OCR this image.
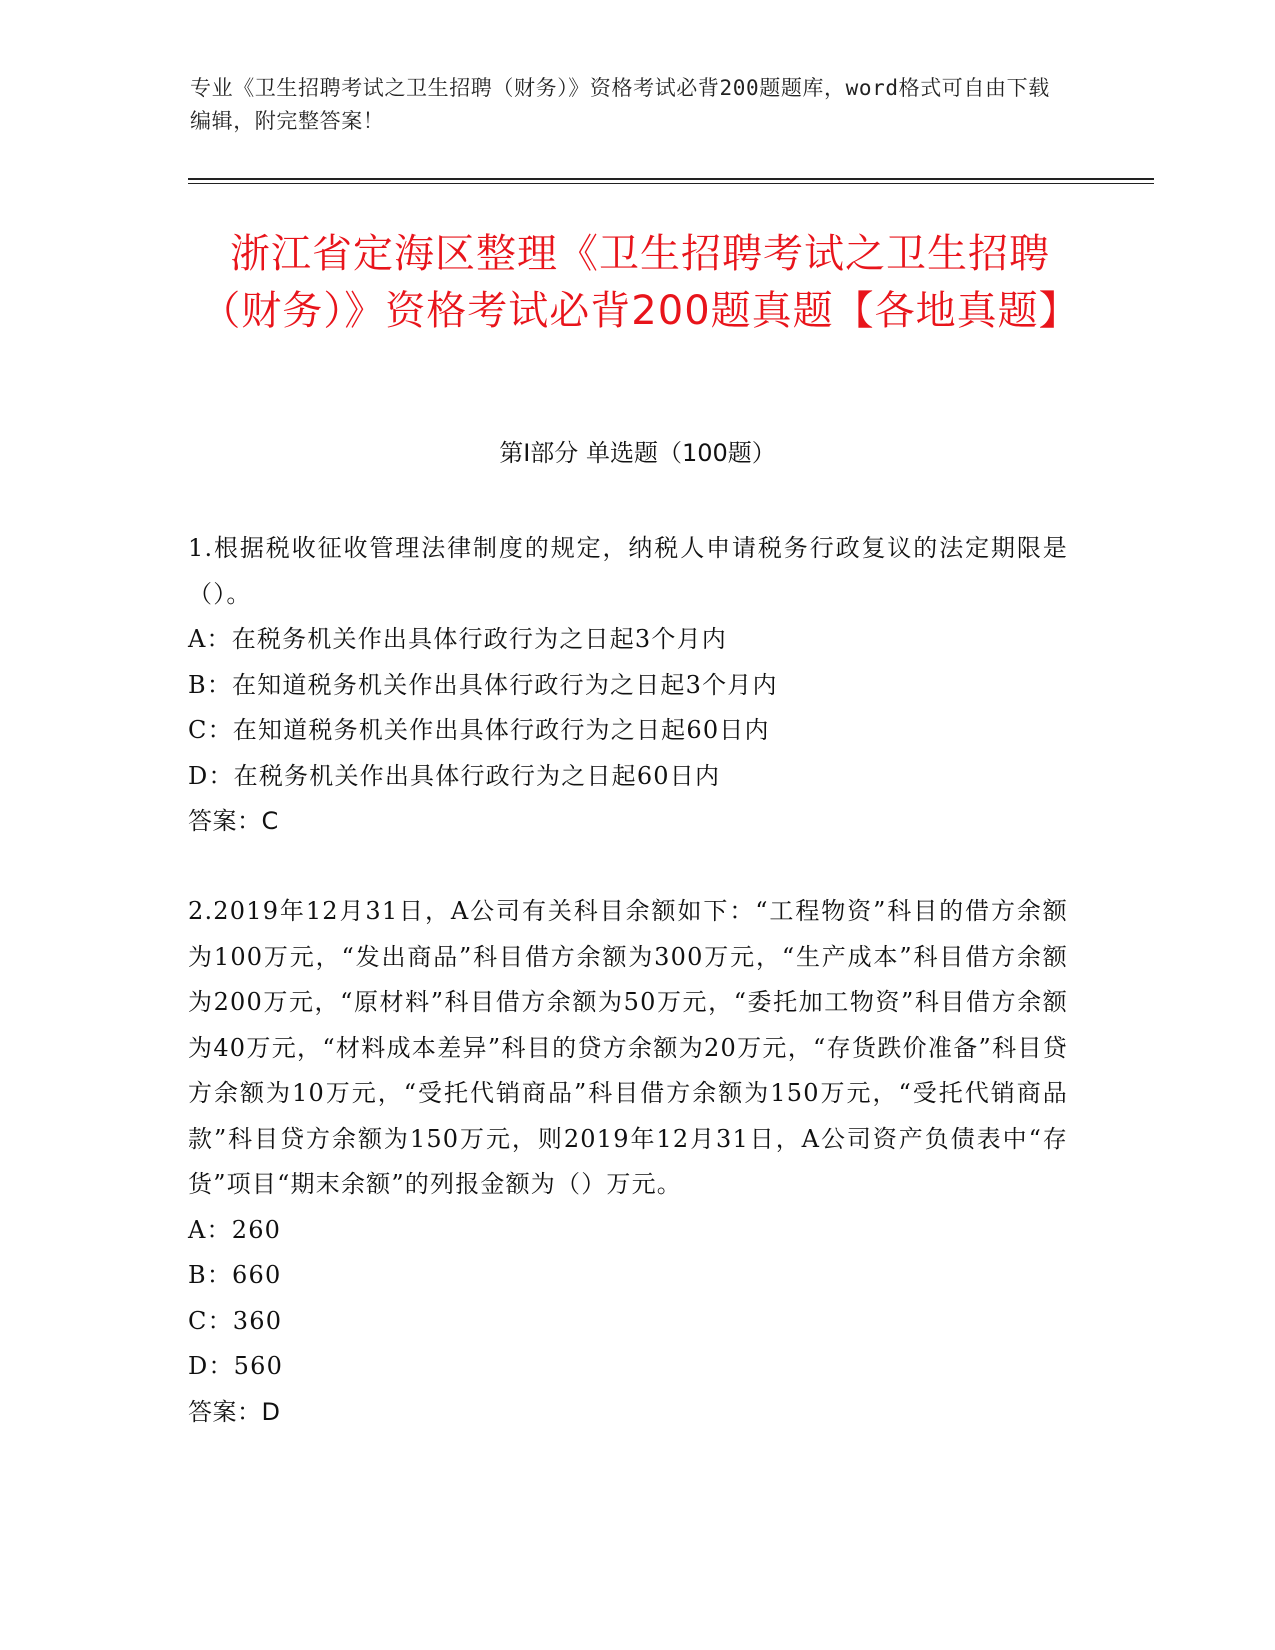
专业《卫生招聘考试之卫生招聘（财务）》资格考试必背200题题库，word格式可自由下载编辑，附完整答案！

浙江省定海区整理《卫生招聘考试之卫生招聘（财务）》资格考试必背200题真题【各地真题】
第I部分 单选题（100题）

1.根据税收征收管理法律制度的规定，纳税人申请税务行政复议的法定期限是（）。

A：在税务机关作出具体行政行为之日起3个月内

B：在知道税务机关作出具体行政行为之日起3个月内

C：在知道税务机关作出具体行政行为之日起60日内

D：在税务机关作出具体行政行为之日起60日内

答案：C

2.2019年12月31日，A公司有关科目余额如下：“工程物资”科目的借方余额为100万元，“发出商品”科目借方余额为300万元，“生产成本”科目借方余额为200万元，“原材料”科目借方余额为50万元，“委托加工物资”科目借方余额为40万元，“材料成本差异”科目的贷方余额为20万元，“存货跌价准备”科目贷方余额为10万元，“受托代销商品”科目借方余额为150万元，“受托代销商品款”科目贷方余额为150万元，则2019年12月31日，A公司资产负债表中“存货”项目“期末余额”的列报金额为（）万元。

A：260

B：660

C：360

D：560

答案：D
